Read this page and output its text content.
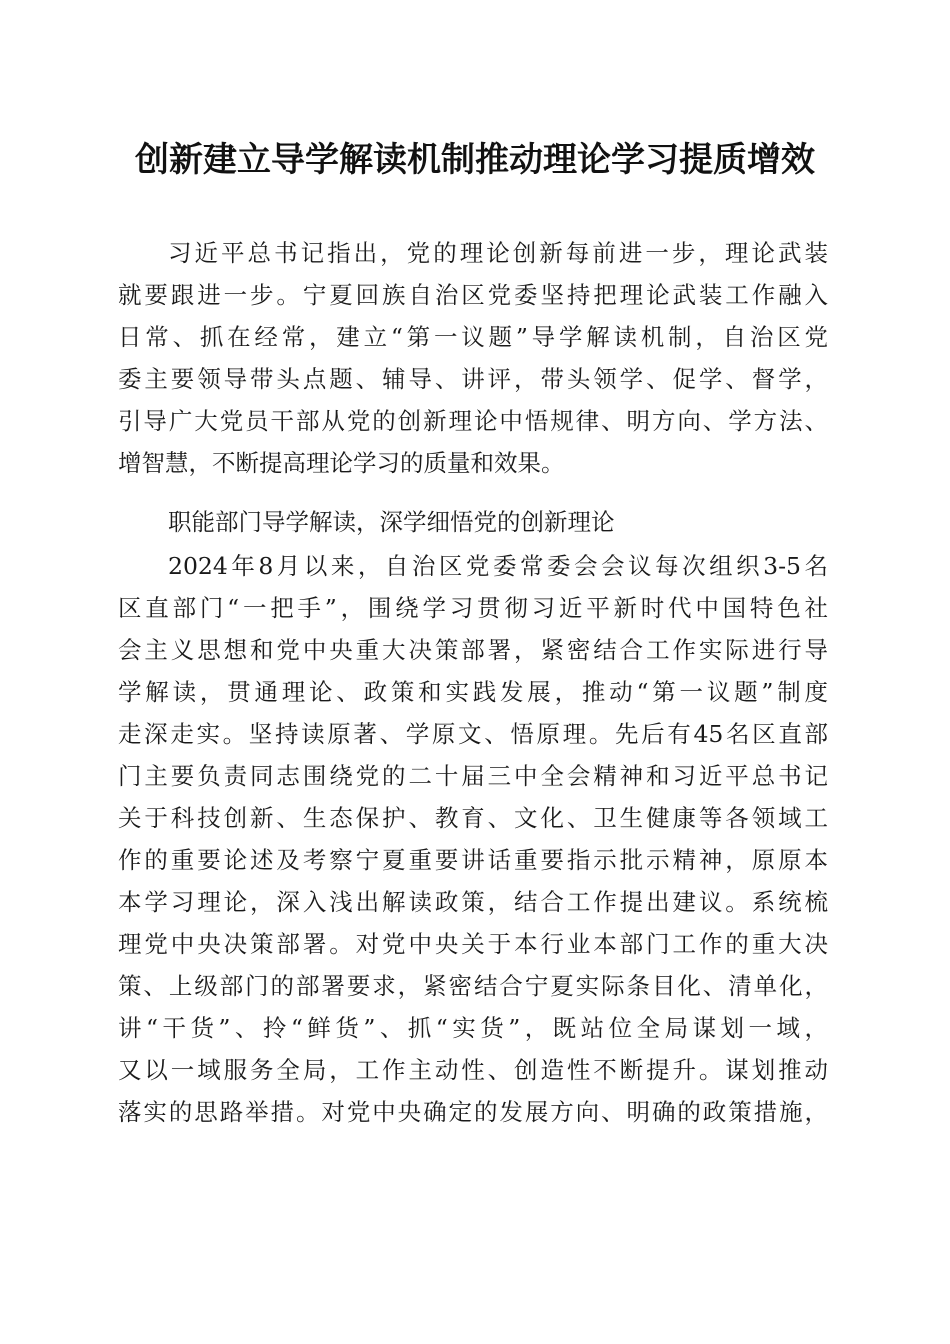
创新建立导学解读机制推动理论学习提质增效
习近平总书记指出，党的理论创新每前进一步，理论武装
就要跟进一步。宁夏回族自治区党委坚持把理论武装工作融入
日常、抓在经常，建立“第一议题”导学解读机制，自治区党
委主要领导带头点题、辅导、讲评，带头领学、促学、督学，
引导广大党员干部从党的创新理论中悟规律、明方向、学方法、
增智慧，不断提高理论学习的质量和效果。
职能部门导学解读，深学细悟党的创新理论
2024年8月以来，自治区党委常委会会议每次组织3-5名
区直部门“一把手”，围绕学习贯彻习近平新时代中国特色社
会主义思想和党中央重大决策部署，紧密结合工作实际进行导
学解读，贯通理论、政策和实践发展，推动“第一议题”制度
走深走实。坚持读原著、学原文、悟原理。先后有45名区直部
门主要负责同志围绕党的二十届三中全会精神和习近平总书记
关于科技创新、生态保护、教育、文化、卫生健康等各领域工
作的重要论述及考察宁夏重要讲话重要指示批示精神，原原本
本学习理论，深入浅出解读政策，结合工作提出建议。系统梳
理党中央决策部署。对党中央关于本行业本部门工作的重大决
策、上级部门的部署要求，紧密结合宁夏实际条目化、清单化，
讲“干货”、拎“鲜货”、抓“实货”，既站位全局谋划一域，
又以一域服务全局，工作主动性、创造性不断提升。谋划推动
落实的思路举措。对党中央确定的发展方向、明确的政策措施，
